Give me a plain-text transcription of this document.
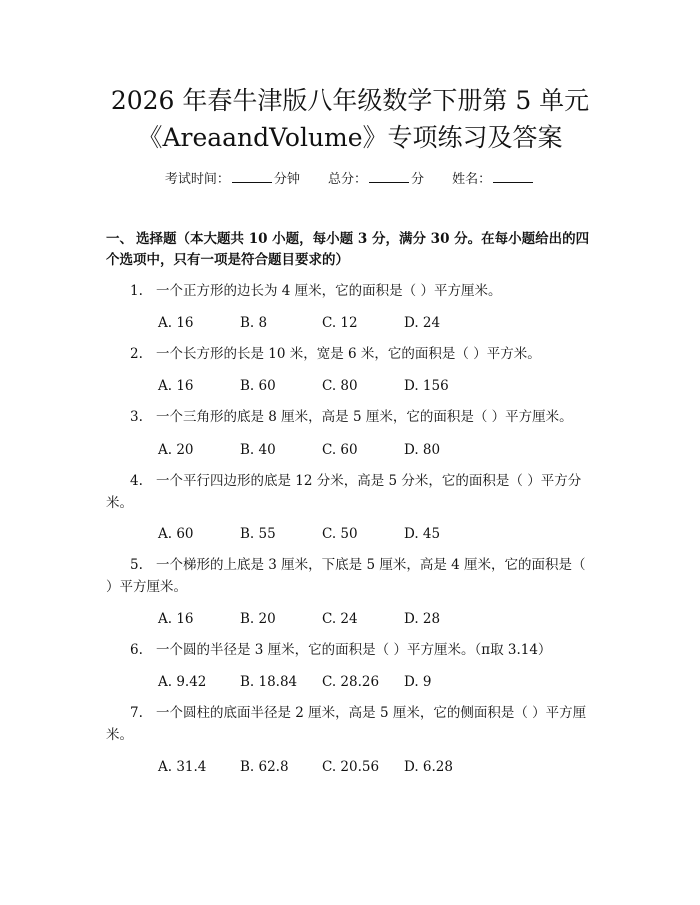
2026 年春牛津版八年级数学下册第 5 单元
《AreaandVolume》专项练习及答案
考试时间：	分钟 总分：	分 姓名：
一、 选择题（本大题共 10 小题，每小题 3 分，满分 30 分。在每小题给出的四个选项中，只有一项是符合题目要求的）
1. 一个正方形的边长为 4 厘米，它的面积是（ ）平方厘米。
A. 16	B. 8	C. 12	D. 24
2. 一个长方形的长是 10 米，宽是 6 米，它的面积是（ ）平方米。
A. 16	B. 60	C. 80	D. 156
3. 一个三角形的底是 8 厘米，高是 5 厘米，它的面积是（ ）平方厘米。
A. 20	B. 40	C. 60	D. 80
4. 一个平行四边形的底是 12 分米，高是 5 分米，它的面积是（ ）平方分米。
A. 60	B. 55	C. 50	D. 45
5. 一个梯形的上底是 3 厘米，下底是 5 厘米，高是 4 厘米，它的面积是（ ）平方厘米。
A. 16	B. 20	C. 24	D. 28
6. 一个圆的半径是 3 厘米，它的面积是（ ）平方厘米。（π取 3.14）
A. 9.42 B. 18.84 C. 28.26 D. 9
7. 一个圆柱的底面半径是 2 厘米，高是 5 厘米，它的侧面积是（ ）平方厘米。
A. 31.4 B. 62.8 C. 20.56 D. 6.28
